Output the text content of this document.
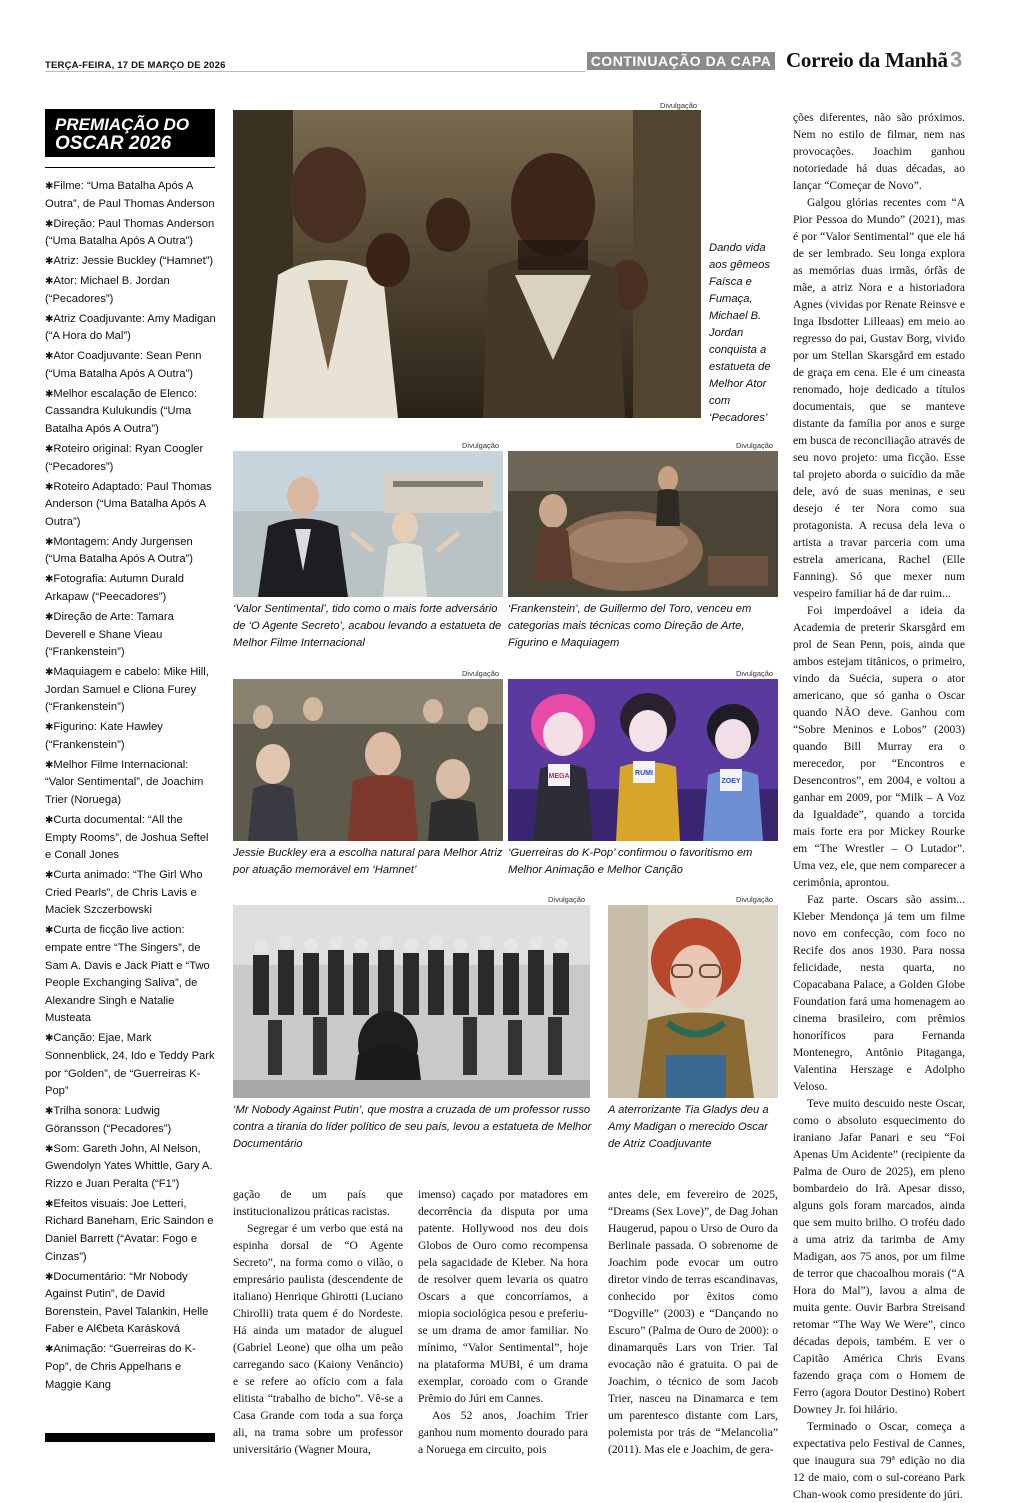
TERÇA-FEIRA, 17 DE MARÇO DE 2026	CONTINUAÇÃO DA CAPA Correio da Manhã 3
PREMIAÇÃO DO
OSCAR 2026
✱Filme: “Uma Batalha Após A Outra”, de Paul Thomas Anderson
✱Direção: Paul Thomas Anderson (“Uma Batalha Após A Outra”)
✱Atriz: Jessie Buckley (“Hamnet”)
✱Ator: Michael B. Jordan (“Pecadores”)
✱Atriz Coadjuvante: Amy Madigan (“A Hora do Mal”)
✱Ator Coadjuvante: Sean Penn (“Uma Batalha Após A Outra”)
✱Melhor escalação de Elenco: Cassandra Kulukundis (“Uma Batalha Após A Outra”)
✱Roteiro original: Ryan Coogler (“Pecadores”)
✱Roteiro Adaptado: Paul Thomas Anderson (“Uma Batalha Após A Outra”)
✱Montagem: Andy Jurgensen (“Uma Batalha Após A Outra”)
✱Fotografia: Autumn Durald Arkapaw (“Peecadores”)
✱Direção de Arte: Tamara Deverell e Shane Vieau (“Frankenstein”)
✱Maquiagem e cabelo: Mike Hill, Jordan Samuel e Cliona Furey (“Frankenstein”)
✱Figurino: Kate Hawley (“Frankenstein”)
✱Melhor Filme Internacional: “Valor Sentimental”, de Joachim Trier (Noruega)
✱Curta documental: “All the Empty Rooms”, de Joshua Seftel e Conall Jones
✱Curta animado: “The Girl Who Cried Pearls”, de Chris Lavis e Maciek Szczerbowski
✱Curta de ficção live action: empate entre “The Singers”, de Sam A. Davis e Jack Piatt e “Two People Exchanging Saliva”, de Alexandre Singh e Natalie Musteata
✱Canção: Ejae, Mark Sonnenblick, 24, Ido e Teddy Park por “Golden”, de “Guerreiras K-Pop”
✱Trilha sonora: Ludwig Göransson (“Pecadores”)
✱Som: Gareth John, Al Nelson, Gwendolyn Yates Whittle, Gary A. Rizzo e Juan Peralta (“F1”)
✱Efeitos visuais: Joe Letteri, Richard Baneham, Eric Saindon e Daniel Barrett (“Avatar: Fogo e Cinzas”)
✱Documentário: “Mr Nobody Against Putin”, de David Borenstein, Pavel Talankin, Helle Faber e Al€beta Karásková
✱Animação: “Guerreiras do K-Pop”, de Chris Appelhans e Maggie Kang
Divulgação
Dando vida aos gêmeos Faísca e Fumaça, Michael B. Jordan conquista a estatueta de Melhor Ator com ‘Pecadores’
Divulgação
‘Valor Sentimental’, tido como o mais forte adversário de ‘O Agente Secreto’, acabou levando a estatueta de Melhor Filme Internacional
Divulgação
‘Frankenstein’, de Guillermo del Toro, venceu em categorias mais técnicas como Direção de Arte, Figurino e Maquiagem
Divulgação
Jessie Buckley era a escolha natural para Melhor Atriz por atuação memorável em ‘Hamnet’
Divulgação
MEGA	RUMI
ZOEY
‘Guerreiras do K-Pop’ confirmou o favoritismo em Melhor Animação e Melhor Canção
Divulgação
‘Mr Nobody Against Putin’, que mostra a cruzada de um professor russo contra a tirania do líder político de seu país, levou a estatueta de Melhor Documentário
Divulgação
A aterrorizante Tia Gladys deu a Amy Madigan o merecido Oscar de Atriz Coadjuvante

gação de um país que institucionalizou práticas racistas.

Segregar é um verbo que está na espinha dorsal de “O Agente Secreto”, na forma como o vilão, o empresário paulista (descendente de italiano) Henrique Ghirotti (Luciano Chirolli) trata quem é do Nordeste. Há ainda um matador de aluguel (Gabriel Leone) que olha um peão carregando saco (Kaiony Venâncio) e se refere ao ofício com a fala elitista “trabalho de bicho”. Vê-se a Casa Grande com toda a sua força ali, na trama sobre um professor universitário (Wagner Moura,

imenso) caçado por matadores em decorrência da disputa por uma patente. Hollywood nos deu dois Globos de Ouro como recompensa pela sagacidade de Kleber. Na hora de resolver quem levaria os quatro Oscars a que concorríamos, a miopia sociológica pesou e preferiu-se um drama de amor familiar. No mínimo, “Valor Sentimental”, hoje na plataforma MUBI, é um drama exemplar, coroado com o Grande Prêmio do Júri em Cannes.

Aos 52 anos, Joachim Trier ganhou num momento dourado para a Noruega em circuito, pois

antes dele, em fevereiro de 2025, “Dreams (Sex Love)”, de Dag Johan Haugerud, papou o Urso de Ouro da Berlinale passada. O sobrenome de Joachim pode evocar um outro diretor vindo de terras escandinavas, conhecido por êxitos como “Dogville” (2003) e “Dançando no Escuro” (Palma de Ouro de 2000): o dinamarquês Lars von Trier. Tal evocação não é gratuita. O pai de Joachim, o técnico de som Jacob Trier, nasceu na Dinamarca e tem um parentesco distante com Lars, polemista por trás de “Melancolia” (2011). Mas ele e Joachim, de gera-

ções diferentes, não são próximos. Nem no estilo de filmar, nem nas provocações. Joachim ganhou notoriedade há duas décadas, ao lançar “Começar de Novo”.

Galgou glórias recentes com “A Pior Pessoa do Mundo” (2021), mas é por “Valor Sentimental” que ele há de ser lembrado. Seu longa explora as memórias duas irmãs, órfãs de mãe, a atriz Nora e a historiadora Agnes (vividas por Renate Reinsve e Inga Ibsdotter Lilleaas) em meio ao regresso do pai, Gustav Borg, vivido por um Stellan Skarsgård em estado de graça em cena. Ele é um cineasta renomado, hoje dedicado a títulos documentais, que se manteve distante da família por anos e surge em busca de reconciliação através de seu novo projeto: uma ficção. Esse tal projeto aborda o suicídio da mãe dele, avó de suas meninas, e seu desejo é ter Nora como sua protagonista. A recusa dela leva o artista a travar parceria com uma estrela americana, Rachel (Elle Fanning). Só que mexer num vespeiro familiar há de dar ruim...

Foi imperdoável a ideia da Academia de preterir Skarsgård em prol de Sean Penn, pois, ainda que ambos estejam titânicos, o primeiro, vindo da Suécia, supera o ator americano, que só ganha o Oscar quando NÃO deve. Ganhou com “Sobre Meninos e Lobos” (2003) quando Bill Murray era o merecedor, por “Encontros e Desencontros”, em 2004, e voltou a ganhar em 2009, por “Milk – A Voz da Igualdade”, quando a torcida mais forte era por Mickey Rourke em “The Wrestler – O Lutador”. Uma vez, ele, que nem comparecer a cerimônia, aprontou.

Faz parte. Oscars são assim... Kleber Mendonça já tem um filme novo em confecção, com foco no Recife dos anos 1930. Para nossa felicidade, nesta quarta, no Copacabana Palace, a Golden Globe Foundation fará uma homenagem ao cinema brasileiro, com prêmios honoríficos para Fernanda Montenegro, Antônio Pitaganga, Valentina Herszage e Adolpho Veloso.

Teve muito descuido neste Oscar, como o absoluto esquecimento do iraniano Jafar Panari e seu “Foi Apenas Um Acidente” (recipiente da Palma de Ouro de 2025), em pleno bombardeio do Irã. Apesar disso, alguns gols foram marcados, ainda que sem muito brilho. O troféu dado a uma atriz da tarimba de Amy Madigan, aos 75 anos, por um filme de terror que chacoalhou morais (“A Hora do Mal”), lavou a alma de muita gente. Ouvir Barbra Streisand retomar “The Way We Were”, cinco décadas depois, também. E ver o Capitão América Chris Evans fazendo graça com o Homem de Ferro (agora Doutor Destino) Robert Downey Jr. foi hilário.

Terminado o Oscar, começa a expectativa pelo Festival de Cannes, que inaugura sua 79ª edição no dia 12 de maio, com o sul-coreano Park Chan-wook como presidente do júri.
